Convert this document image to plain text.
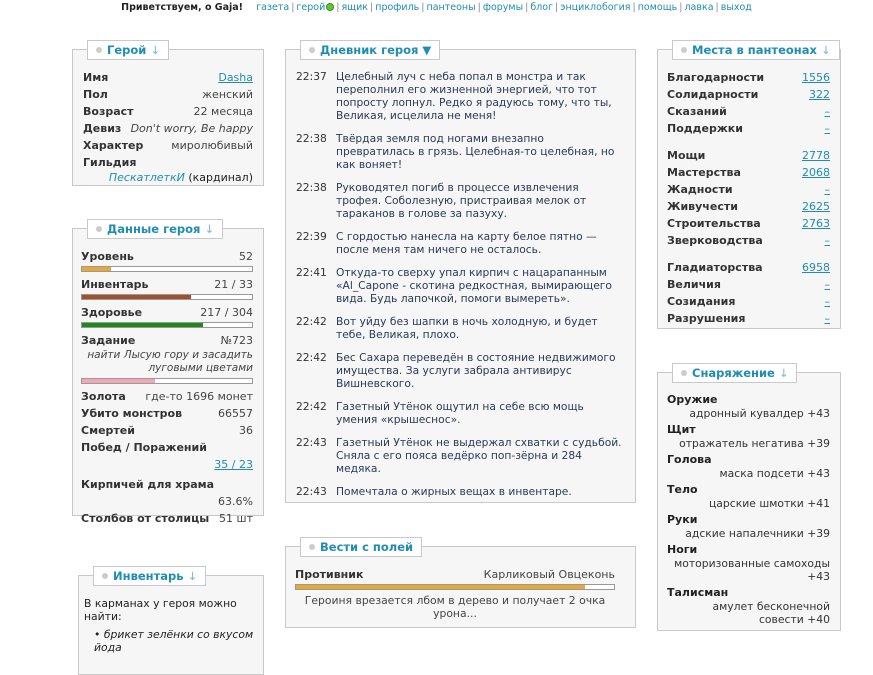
Приветствуем, о Gaja! газета | герой | ящик | профиль | пантеоны | форумы | блог | энциклобогия | помощь | лавка | выход
Герой ↓
Имя	Dasha
Пол	женский
Возраст	22 месяца
Девиз Don't worry, Be happy
Характер	миролюбивый
Гильдия
ПескатлеткИ (кардинал)
Данные героя ↓
Уровень	52
Инвентарь	21 / 33
Здоровье	217 / 304
Задание	№723
найти Лысую гору и засадить луговыми цветами
Золота где-то 1696 монет
Убито монстров	66557
Смертей	36
Побед / Поражений
35 / 23
Кирпичей для храма
63.6%
Столбов от столицы 51 шт
Инвентарь ↓
В карманах у героя можно найти:
• брикет зелёнки со вкусом йода
Дневник героя ▼
22:37 Целебный луч с неба попал в монстра и так переполнил его жизненной энергией, что тот попросту лопнул. Редко я радуюсь тому, что ты, Великая, исцелила не меня!
22:38 Твёрдая земля под ногами внезапно превратилась в грязь. Целебная-то целебная, но как воняет!
22:38 Руководятел погиб в процессе извлечения трофея. Соболезную, пристраивая мелок от тараканов в голове за пазуху.
22:39 С гордостью нанесла на карту белое пятно — после меня там ничего не осталось.
22:41 Откуда-то сверху упал кирпич с нацарапанным «Al_Capone - скотина редкостная, вымирающего вида. Будь лапочкой, помоги вымереть».
22:42 Вот уйду без шапки в ночь холодную, и будет тебе, Великая, плохо.
22:42 Бес Сахара переведён в состояние недвижимого имущества. За услуги забрала антивирус Вишневского.
22:42 Газетный Утёнок ощутил на себе всю мощь умения «крышеснос».
22:43 Газетный Утёнок не выдержал схватки с судьбой. Сняла с его пояса ведёрко поп-зёрна и 284 медяка.
22:43 Помечтала о жирных вещах в инвентаре.
Вести с полей
Противник	Карликовый Овцеконь
Героиня врезается лбом в дерево и получает 2 очка урона...
Места в пантеонах ↓
Благодарности	1556
Солидарности	322
Сказаний	–
Поддержки	–
Мощи	2778
Мастерства	2068
Жадности	–
Живучести	2625
Строительства	2763
Зверководства	–
Гладиаторства	6958
Величия	–
Созидания	–
Разрушения	–
Снаряжение ↓
Оружие
адронный кувалдер +43
Щит
отражатель негатива +39
Голова
маска подсети +43
Тело
царские шмотки +41
Руки
адские напалечники +39
Ноги
моторизованные самоходы +43
Талисман
амулет бесконечной совести +40
